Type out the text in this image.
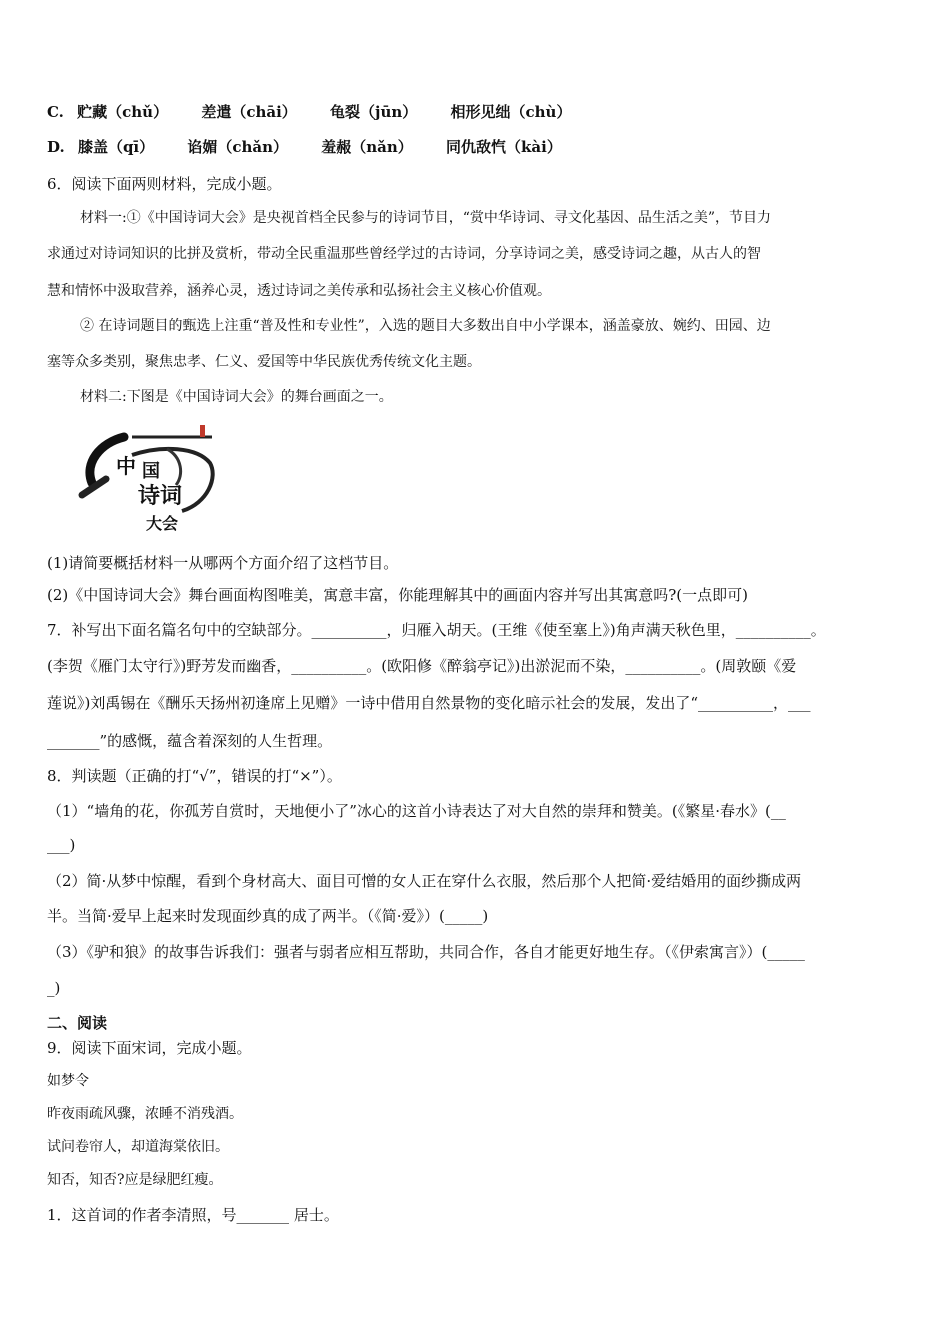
C. 贮藏（chǔ） 差遣（chāi） 龟裂（jūn） 相形见绌（chù）
D. 膝盖（qī） 谄媚（chǎn） 羞赧（nǎn） 同仇敌忾（kài）
6．阅读下面两则材料，完成小题。
材料一:①《中国诗词大会》是央视首档全民参与的诗词节目，“赏中华诗词、寻文化基因、品生活之美”，节目力
求通过对诗词知识的比拼及赏析，带动全民重温那些曾经学过的古诗词，分享诗词之美，感受诗词之趣，从古人的智
慧和情怀中汲取营养，涵养心灵，透过诗词之美传承和弘扬社会主义核心价值观。
② 在诗词题目的甄选上注重“普及性和专业性”，入选的题目大多数出自中小学课本，涵盖豪放、婉约、田园、边
塞等众多类别，聚焦忠孝、仁义、爱国等中华民族优秀传统文化主题。
材料二:下图是《中国诗词大会》的舞台画面之一。
中 国
诗词
大会
(1)请简要概括材料一从哪两个方面介绍了这档节目。
(2)《中国诗词大会》舞台画面构图唯美，寓意丰富，你能理解其中的画面内容并写出其寓意吗?(一点即可)
7．补写出下面名篇名句中的空缺部分。__________，归雁入胡天。(王维《使至塞上》)角声满天秋色里，__________。
(李贺《雁门太守行》)野芳发而幽香，__________。(欧阳修《醉翁亭记》)出淤泥而不染，__________。(周敦颐《爱
莲说》)刘禹锡在《酬乐天扬州初逢席上见赠》一诗中借用自然景物的变化暗示社会的发展，发出了“__________，___
_______”的感慨，蕴含着深刻的人生哲理。
8．判读题（正确的打“√”，错误的打“×”）。
（1）“墙角的花，你孤芳自赏时，天地便小了”冰心的这首小诗表达了对大自然的崇拜和赞美。(《繁星·春水》(__
___)
（2）简·从梦中惊醒，看到个身材高大、面目可憎的女人正在穿什么衣服，然后那个人把简·爱结婚用的面纱撕成两
半。当简·爱早上起来时发现面纱真的成了两半。（《简·爱》）(_____)
（3）《驴和狼》的故事告诉我们：强者与弱者应相互帮助，共同合作，各自才能更好地生存。（《伊索寓言》）(_____
_)
二、阅读
9．阅读下面宋词，完成小题。
如梦令
昨夜雨疏风骤，浓睡不消残酒。
试问卷帘人，却道海棠依旧。
知否，知否?应是绿肥红瘦。
1．这首词的作者李清照，号_______ 居士。
